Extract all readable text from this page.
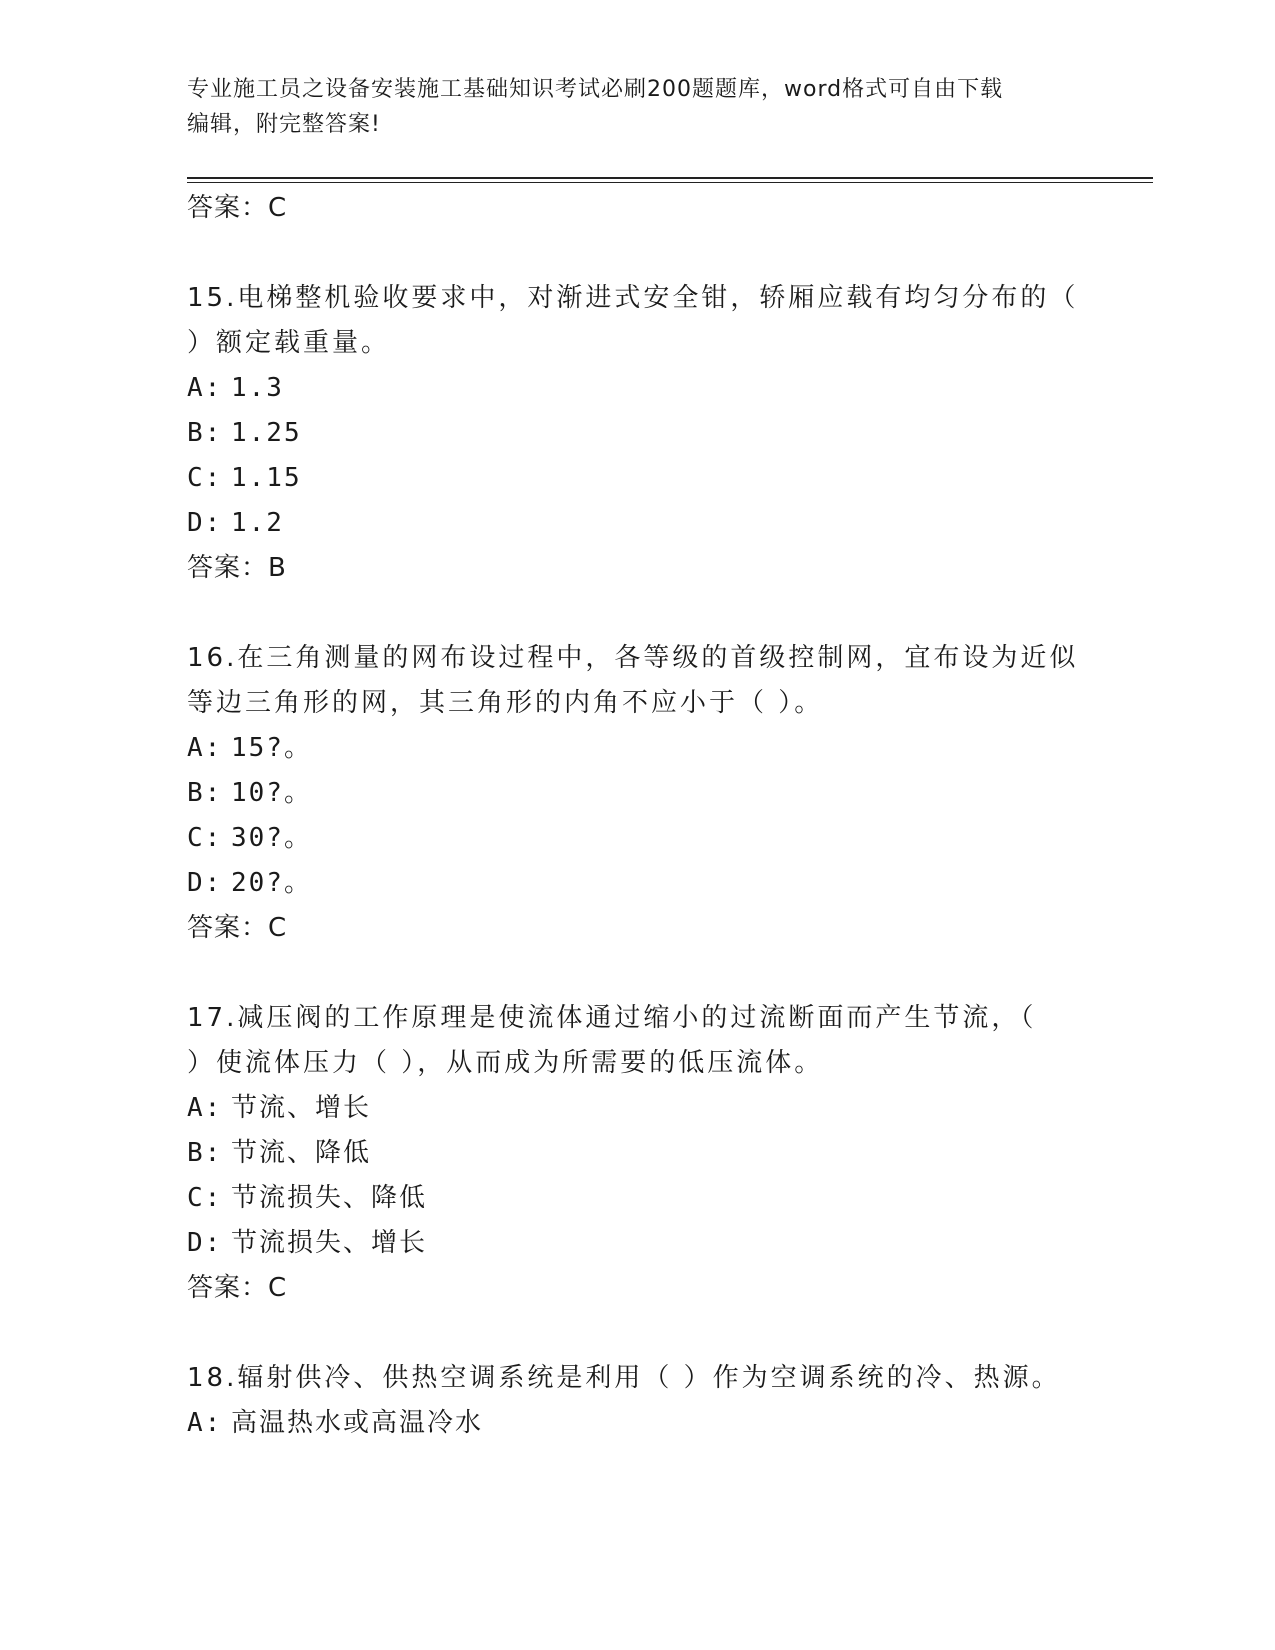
专业施工员之设备安装施工基础知识考试必刷200题题库，word格式可自由下载
编辑，附完整答案!
答案：C
15.电梯整机验收要求中，对渐进式安全钳，轿厢应载有均匀分布的（
）额定载重量。
A: 1.3
B: 1.25
C: 1.15
D: 1.2
答案：B
16.在三角测量的网布设过程中，各等级的首级控制网，宜布设为近似
等边三角形的网，其三角形的内角不应小于（ ）。
A: 15?。
B: 10?。
C: 30?。
D: 20?。
答案：C
17.减压阀的工作原理是使流体通过缩小的过流断面而产生节流，（
）使流体压力（ ），从而成为所需要的低压流体。
A: 节流、增长
B: 节流、降低
C: 节流损失、降低
D: 节流损失、增长
答案：C
18.辐射供冷、供热空调系统是利用（ ）作为空调系统的冷、热源。
A: 高温热水或高温冷水
